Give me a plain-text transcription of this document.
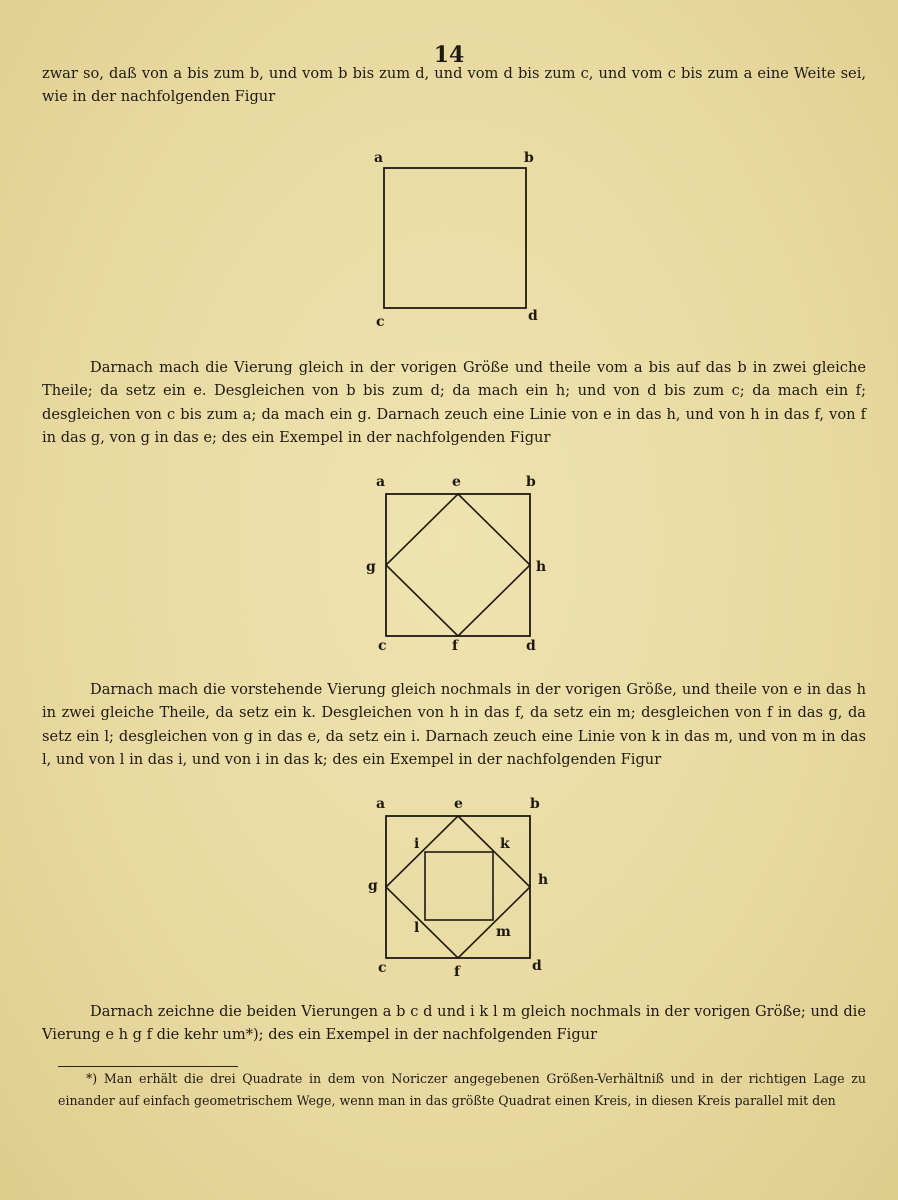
14

zwar so, daß von a bis zum b, und vom b bis zum d, und vom d bis zum c, und vom c bis zum a eine Weite sei, wie in der nachfolgenden Figur

a	b
c	d

Darnach mach die Vierung gleich in der vorigen Größe und theile vom a bis auf das b in zwei gleiche Theile; da setz ein e. Desgleichen von b bis zum d; da mach ein h; und von d bis zum c; da mach ein f; desgleichen von c bis zum a; da mach ein g. Darnach zeuch eine Linie von e in das h, und von h in das f, von f in das g, von g in das e; des ein Exempel in der nachfolgenden Figur

a	e	b
g	h
c	f	d

Darnach mach die vorstehende Vierung gleich nochmals in der vorigen Größe, und theile von e in das h in zwei gleiche Theile, da setz ein k. Desgleichen von h in das f, da setz ein m; desgleichen von f in das g, da setz ein l; desgleichen von g in das e, da setz ein i. Darnach zeuch eine Linie von k in das m, und von m in das l, und von l in das i, und von i in das k; des ein Exempel in der nachfolgenden Figur

a	e	b
i	k
g	h
l	m
c	f	d

Darnach zeichne die beiden Vierungen a b c d und i k l m gleich nochmals in der vorigen Größe; und die Vierung e h g f die kehr um*); des ein Exempel in der nachfolgenden Figur

*) Man erhält die drei Quadrate in dem von Noriczer angegebenen Größen-Verhältniß und in der richtigen Lage zu einander auf einfach geometrischem Wege, wenn man in das größte Quadrat einen Kreis, in diesen Kreis parallel mit den
